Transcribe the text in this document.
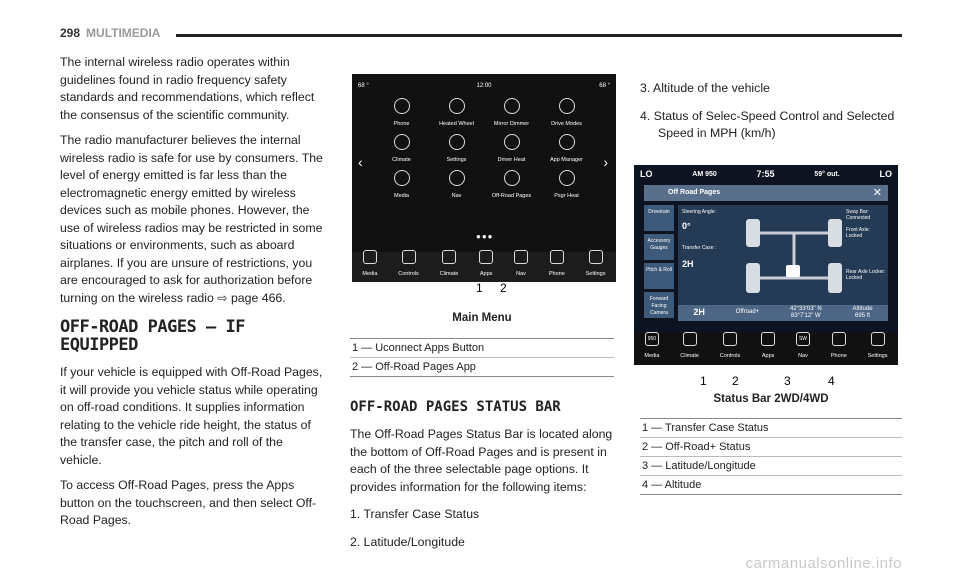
298 MULTIMEDIA

The internal wireless radio operates within guidelines found in radio frequency safety standards and recommendations, which reflect the consensus of the scientific community.

The radio manufacturer believes the internal wireless radio is safe for use by consumers. The level of energy emitted is far less than the electromagnetic energy emitted by wireless devices such as mobile phones. However, the use of wireless radios may be restricted in some situations or environments, such as aboard airplanes. If you are unsure of restrictions, you are encouraged to ask for authorization before turning on the wireless radio ⇨ page 466.

OFF-ROAD PAGES — IF EQUIPPED

If your vehicle is equipped with Off-Road Pages, it will provide you vehicle status while operating on off-road conditions. It supplies information relating to the vehicle ride height, the status of the transfer case, the pitch and roll of the vehicle.

To access Off-Road Pages, press the Apps button on the touchscreen, and then select Off-Road Pages.

68 °	12:00	68 °
‹	›
Phone	Heated Wheel	Mirror Dimmer	Drive Modes
Climate	Settings	Driver Heat	App Manager
Media	Nav	Off-Road Pages	Psgr Heat
●●●
Media	Controls	Climate	Apps	Nav	Phone	Settings
1 2
Main Menu
1 — Uconnect Apps Button
2 — Off-Road Pages App
OFF-ROAD PAGES STATUS BAR

The Off-Road Pages Status Bar is located along the bottom of Off-Road Pages and is present in each of the three selectable page options. It provides information for the following items:

1. Transfer Case Status
2. Latitude/Longitude
3. Altitude of the vehicle
4. Status of Selec-Speed Control and Selected Speed in MPH (km/h)
LO	AM 950	7:55	59° out.	LO
Off Road Pages	✕
Drivetrain
Accessory Gauges
Pitch & Roll
Forward Facing Camera
Steering Angle:
0°
Transfer Case :
2H
Sway Bar: Connected
Front Axle: Locked
Rear Axle Locker: Locked
2H	Offroad+
42°33'03" N
83°7'12" W
Altitude
695 ft
950
Media	Climate	Controls	Apps
SW
Nav	Phone	Settings
1 2	3	4
Status Bar 2WD/4WD
1 — Transfer Case Status
2 — Off-Road+ Status
3 — Latitude/Longitude
4 — Altitude
carmanualsonline.info
